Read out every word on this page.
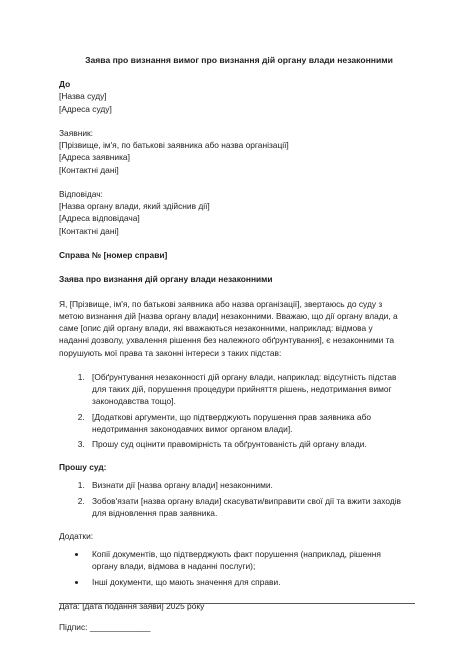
Заява про визнання вимог про визнання дій органу влади незаконними
До
[Назва суду]
[Адреса суду]
Заявник:
[Прізвище, ім'я, по батькові заявника або назва організації]
[Адреса заявника]
[Контактні дані]
Відповідач:
[Назва органу влади, який здійснив дії]
[Адреса відповідача]
[Контактні дані]
Справа № [номер справи]
Заява про визнання дій органу влади незаконними
Я, [Прізвище, ім'я, по батькові заявника або назва організації], звертаюсь до суду з
метою визнання дій [назва органу влади] незаконними. Вважаю, що дії органу влади, а
саме [опис дій органу влади, які вважаються незаконними, наприклад: відмова у
наданні дозволу, ухвалення рішення без належного обґрунтування], є незаконними та
порушують мої права та законні інтереси з таких підстав:
1. [Обґрунтування незаконності дій органу влади, наприклад: відсутність підстав
для таких дій, порушення процедури прийняття рішень, недотримання вимог
законодавства тощо].
2. [Додаткові аргументи, що підтверджують порушення прав заявника або
недотримання законодавчих вимог органом влади].
3. Прошу суд оцінити правомірність та обґрунтованість дій органу влади.
Прошу суд:
1. Визнати дії [назва органу влади] незаконними.
2. Зобов'язати [назва органу влади] скасувати/виправити свої дії та вжити заходів
для відновлення прав заявника.
Додатки:
• Копії документів, що підтверджують факт порушення (наприклад, рішення
органу влади, відмова в наданні послуги);
• Інші документи, що мають значення для справи.
Дата: [дата подання заяви] 2025 року
Підпис: _____________
